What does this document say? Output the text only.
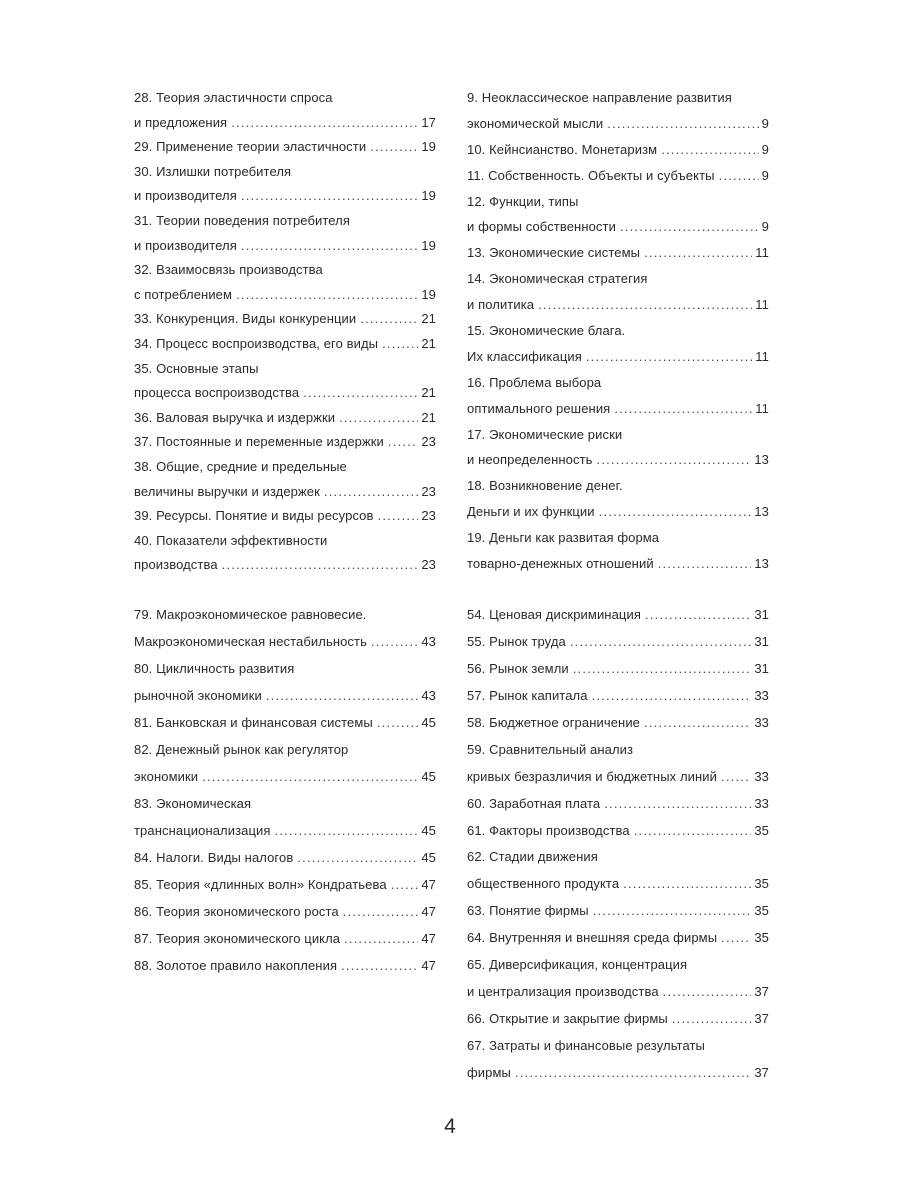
28. Теория эластичности спроса
и предложения .....	17
29. Применение теории эластичности .....	19
30. Излишки потребителя
и производителя .....	19
31. Теории поведения потребителя
и производителя .....	19
32. Взаимосвязь производства
с потреблением .....	19
33. Конкуренция. Виды конкуренции .....	21
34. Процесс воспроизводства, его виды .....	21
35. Основные этапы
процесса воспроизводства .....	21
36. Валовая выручка и издержки .....	21
37. Постоянные и переменные издержки .....	23
38. Общие, средние и предельные
величины выручки и издержек .....	23
39. Ресурсы. Понятие и виды ресурсов .....	23
40. Показатели эффективности
производства .....	23
9. Неоклассическое направление развития
экономической мысли .....	9
10. Кейнсианство. Монетаризм .....	9
11. Собственность. Объекты и субъекты .....	9
12. Функции, типы
и формы собственности .....	9
13. Экономические системы .....	11
14. Экономическая стратегия
и политика .....	11
15. Экономические блага.
Их классификация .....	11
16. Проблема выбора
оптимального решения .....	11
17. Экономические риски
и неопределенность .....	13
18. Возникновение денег.
Деньги и их функции .....	13
19. Деньги как развитая форма
товарно-денежных отношений .....	13
79. Макроэкономическое равновесие.
Макроэкономическая нестабильность .....	43
80. Цикличность развития
рыночной экономики .....	43
81. Банковская и финансовая системы .....	45
82. Денежный рынок как регулятор
экономики .....	45
83. Экономическая
транснационализация .....	45
84. Налоги. Виды налогов .....	45
85. Теория «длинных волн» Кондратьева .....	47
86. Теория экономического роста .....	47
87. Теория экономического цикла .....	47
88. Золотое правило накопления .....	47
54. Ценовая дискриминация .....	31
55. Рынок труда .....	31
56. Рынок земли .....	31
57. Рынок капитала .....	33
58. Бюджетное ограничение .....	33
59. Сравнительный анализ
кривых безразличия и бюджетных линий .....	33
60. Заработная плата .....	33
61. Факторы производства .....	35
62. Стадии движения
общественного продукта .....	35
63. Понятие фирмы .....	35
64. Внутренняя и внешняя среда фирмы .....	35
65. Диверсификация, концентрация
и централизация производства .....	37
66. Открытие и закрытие фирмы .....	37
67. Затраты и финансовые результаты
фирмы .....	37
4
